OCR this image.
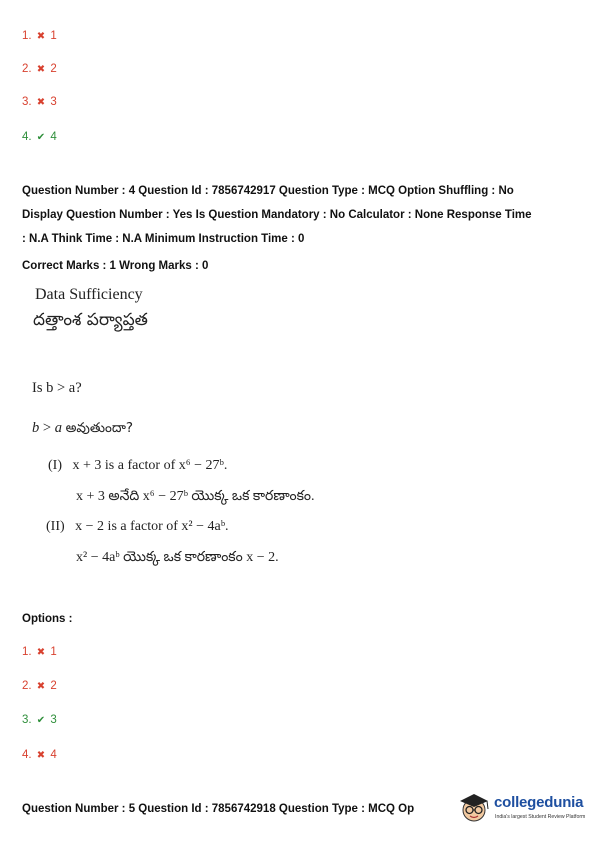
1. ✖ 1
2. ✖ 2
3. ✖ 3
4. ✔ 4
Question Number : 4 Question Id : 7856742917 Question Type : MCQ Option Shuffling : No
Display Question Number : Yes Is Question Mandatory : No Calculator : None Response Time
: N.A Think Time : N.A Minimum Instruction Time : 0
Correct Marks : 1 Wrong Marks : 0
Data Sufficiency
దత్తాంశ పర్యాప్తత
Is b > a?
b > a అవుతుందా?
(I) x + 3 is a factor of x⁶ − 27ᵇ.
x + 3 అనేది x⁶ − 27ᵇ యొక్క ఒక కారణాంకం.
(II) x − 2 is a factor of x² − 4aᵇ.
x² − 4aᵇ యొక్క ఒక కారణాంకం x − 2.
Options :
1. ✖ 1
2. ✖ 2
3. ✔ 3
4. ✖ 4
Question Number : 5 Question Id : 7856742918 Question Type : MCQ Op	collegedunia
India's largest Student Review Platform
